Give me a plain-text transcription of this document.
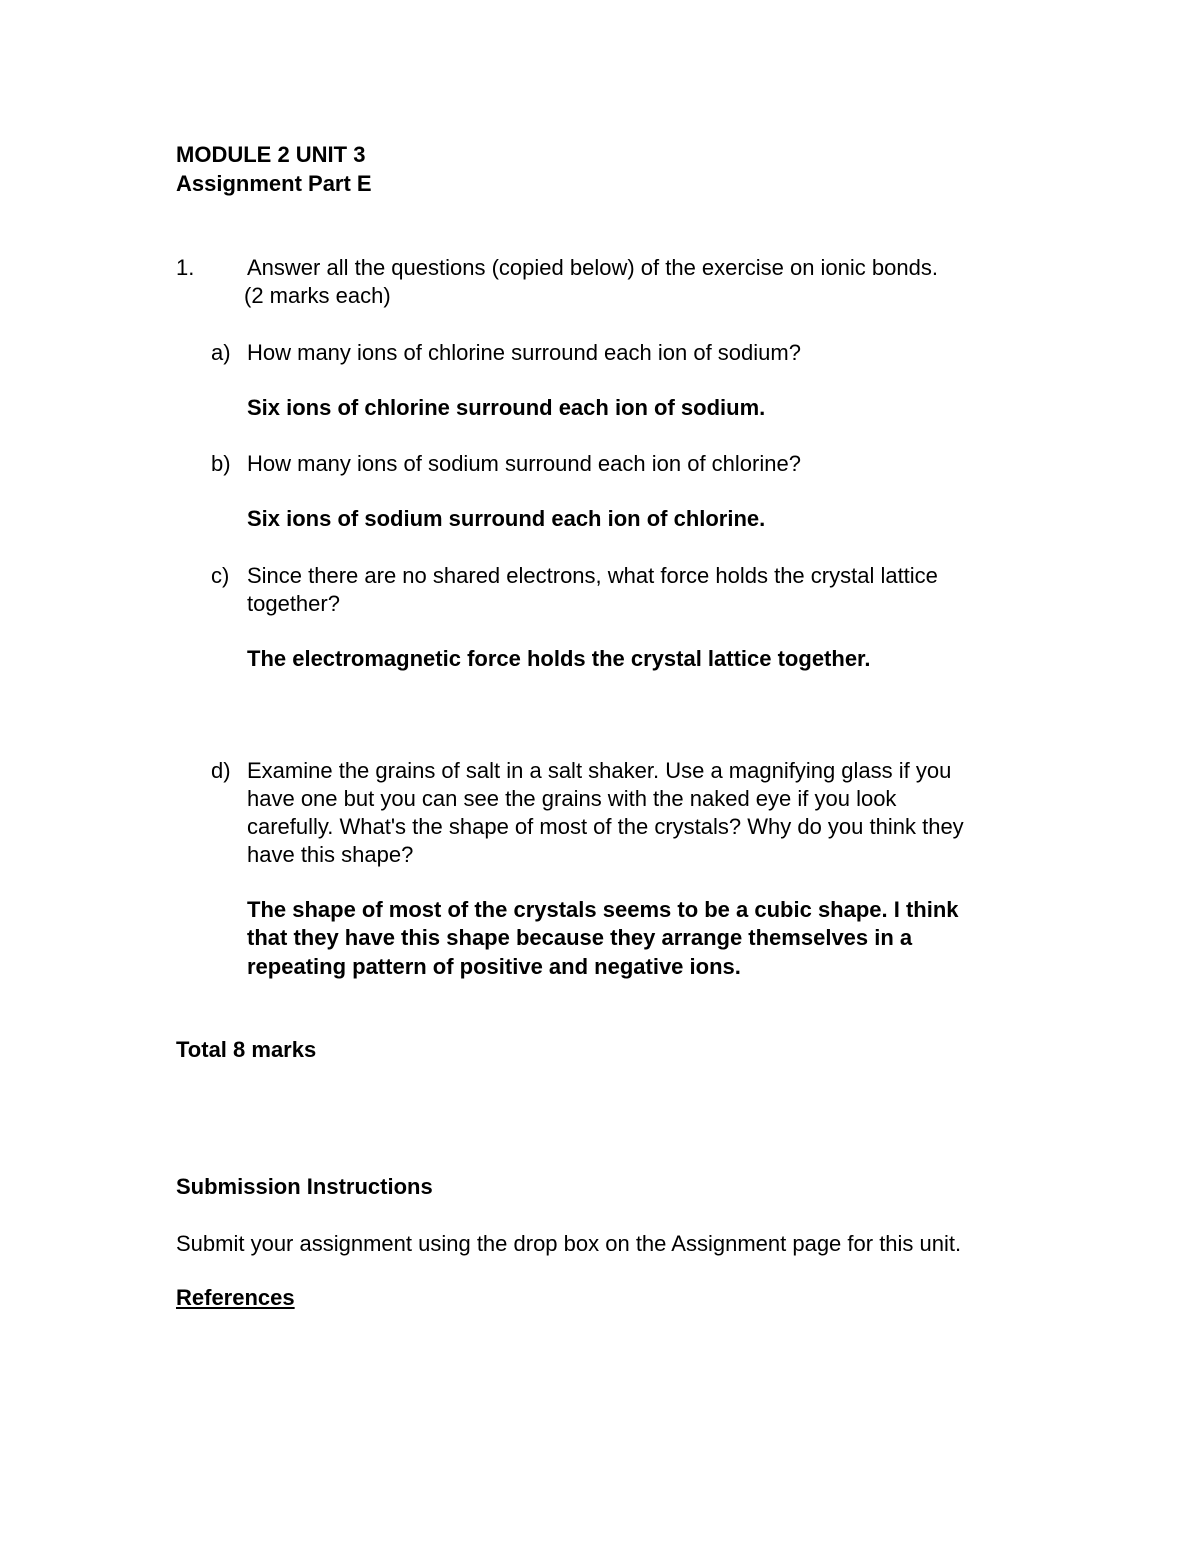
MODULE 2 UNIT 3
Assignment Part E
1. Answer all the questions (copied below) of the exercise on ionic bonds.
(2 marks each)
a) How many ions of chlorine surround each ion of sodium?
Six ions of chlorine surround each ion of sodium.
b) How many ions of sodium surround each ion of chlorine?
Six ions of sodium surround each ion of chlorine.
c) Since there are no shared electrons, what force holds the crystal lattice
together?
The electromagnetic force holds the crystal lattice together.
d) Examine the grains of salt in a salt shaker. Use a magnifying glass if you
have one but you can see the grains with the naked eye if you look
carefully. What's the shape of most of the crystals? Why do you think they
have this shape?
The shape of most of the crystals seems to be a cubic shape. I think
that they have this shape because they arrange themselves in a
repeating pattern of positive and negative ions.
Total 8 marks
Submission Instructions
Submit your assignment using the drop box on the Assignment page for this unit.
References
